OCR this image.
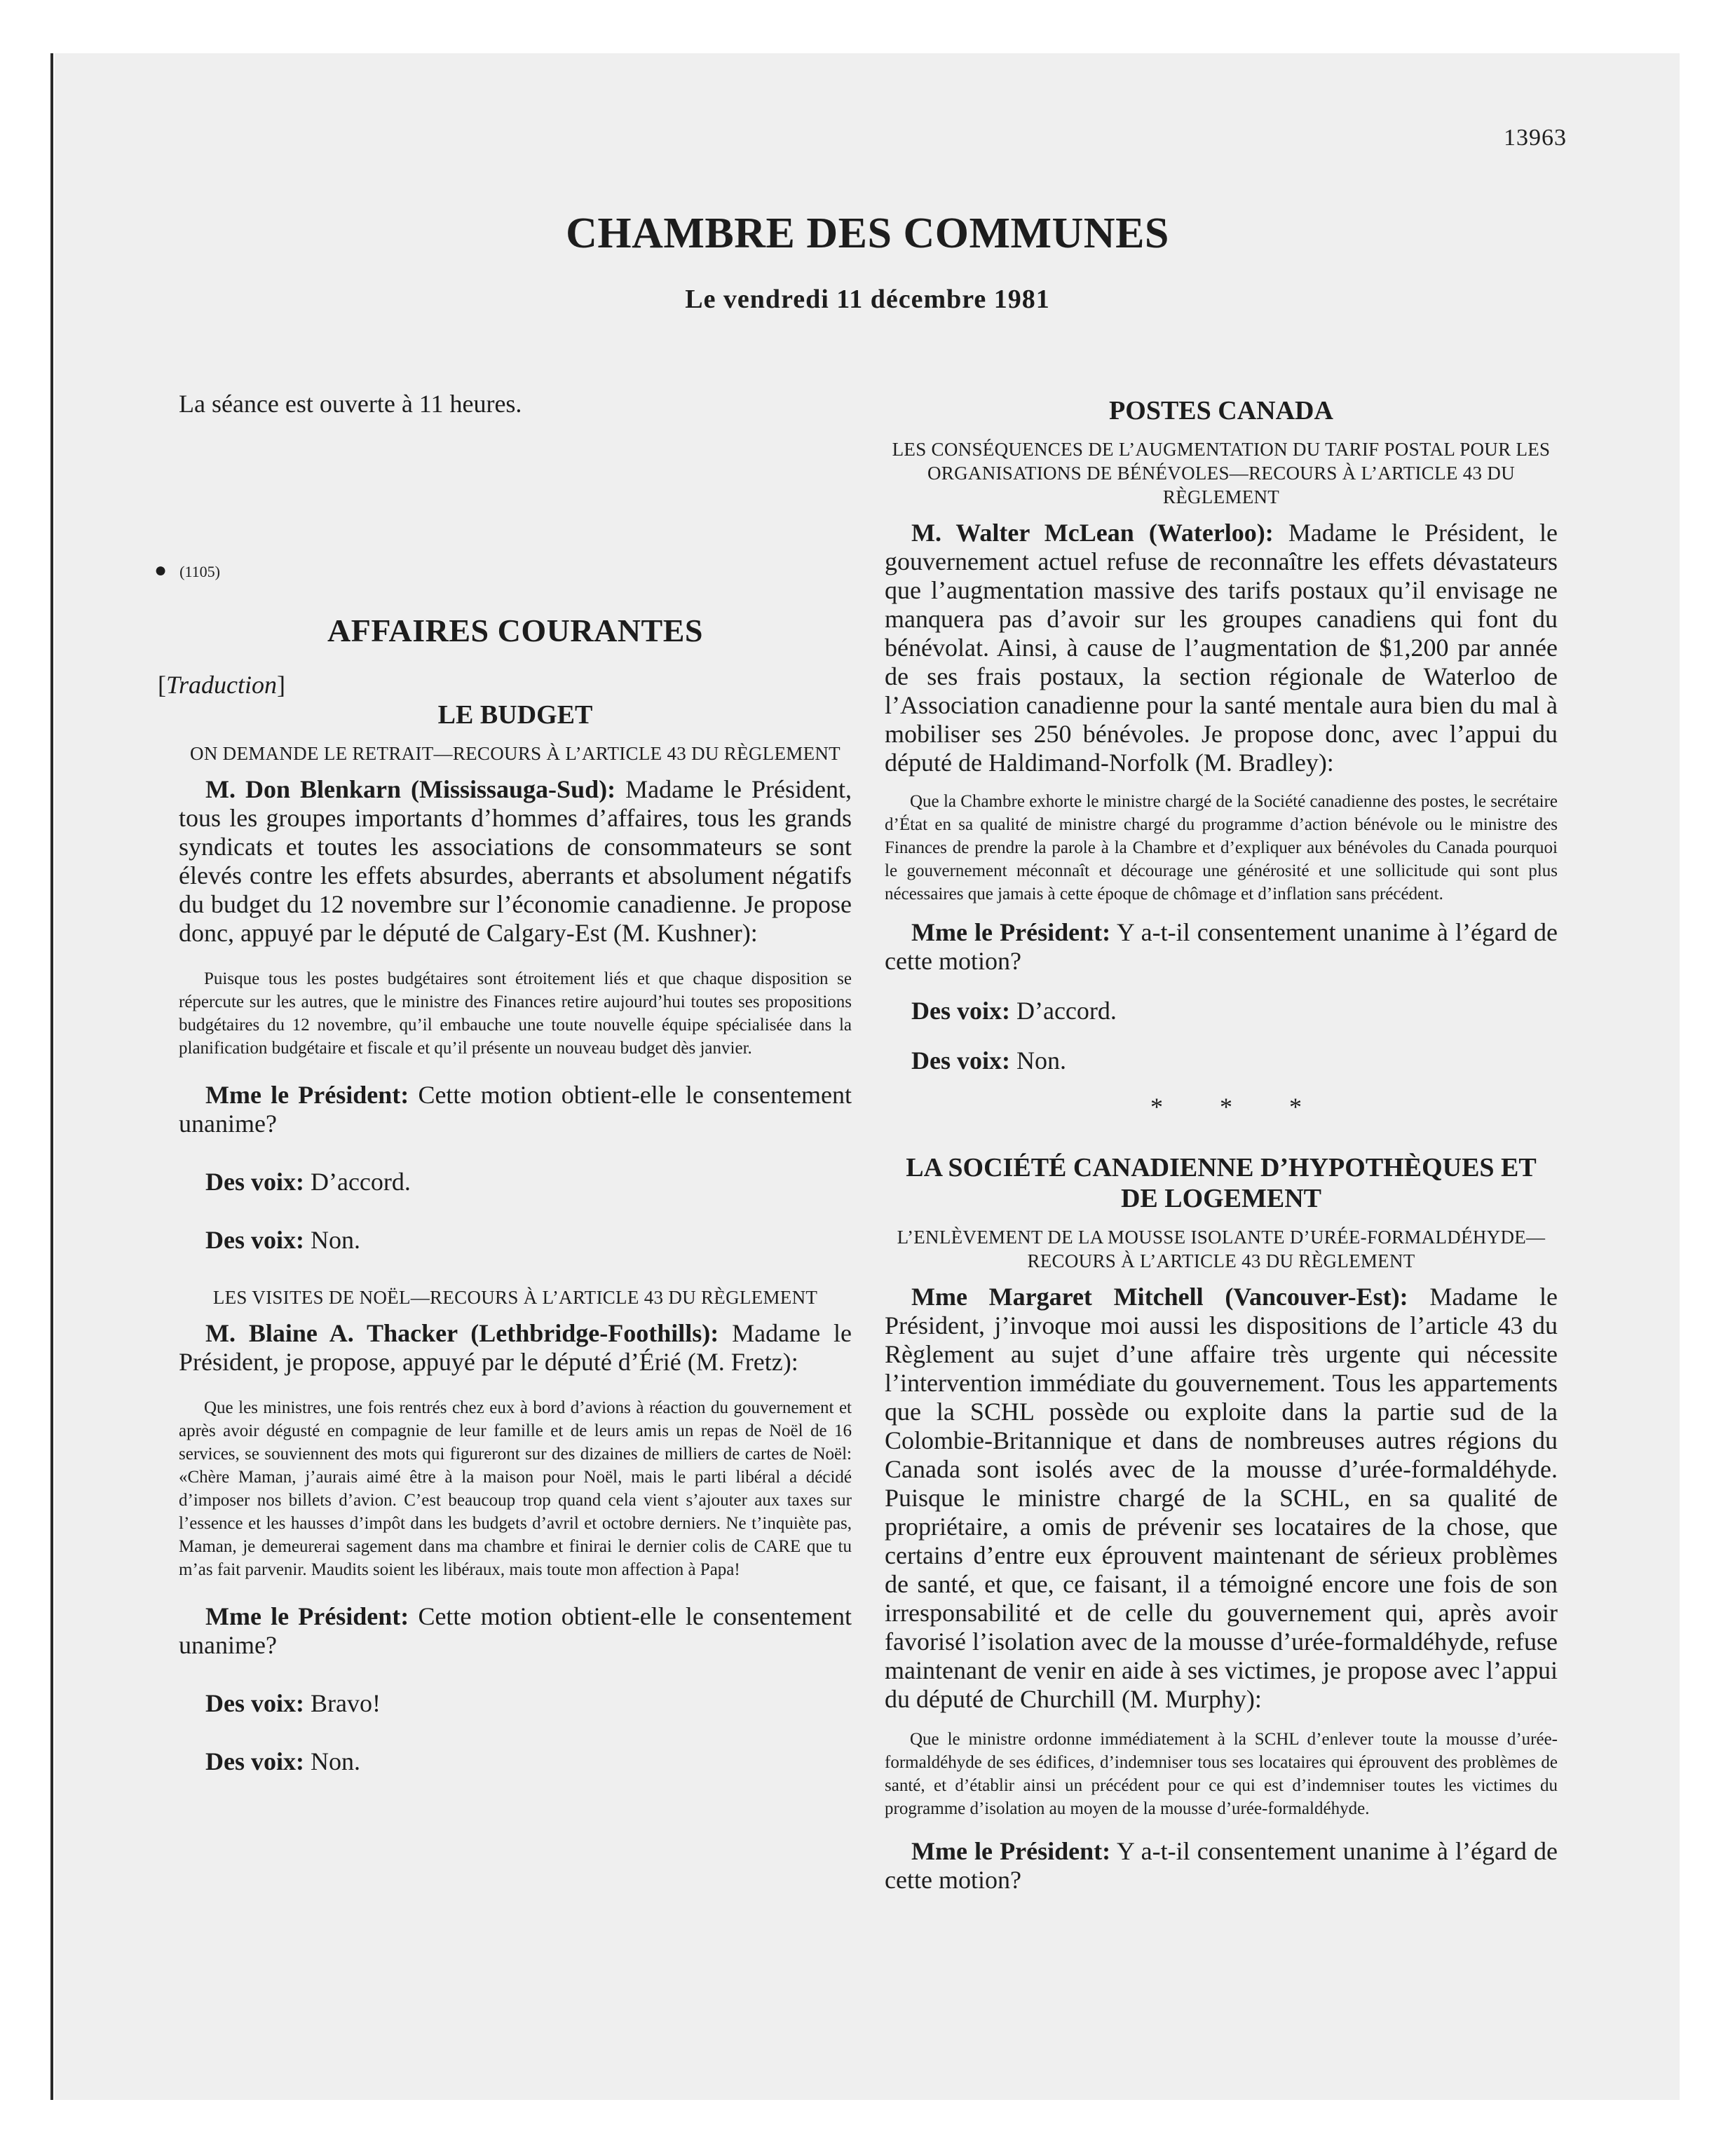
13963
CHAMBRE DES COMMUNES
Le vendredi 11 décembre 1981

La séance est ouverte à 11 heures.

● (1105)
AFFAIRES COURANTES
[Traduction]
LE BUDGET
ON DEMANDE LE RETRAIT—RECOURS À L’ARTICLE 43 DU RÈGLEMENT

M. Don Blenkarn (Mississauga-Sud): Madame le Président, tous les groupes importants d’hommes d’affaires, tous les grands syndicats et toutes les associations de consommateurs se sont élevés contre les effets absurdes, aberrants et absolument négatifs du budget du 12 novembre sur l’économie canadienne. Je propose donc, appuyé par le député de Calgary-Est (M. Kushner):

Puisque tous les postes budgétaires sont étroitement liés et que chaque disposition se répercute sur les autres, que le ministre des Finances retire aujourd’hui toutes ses propositions budgétaires du 12 novembre, qu’il embauche une toute nouvelle équipe spécialisée dans la planification budgétaire et fiscale et qu’il présente un nouveau budget dès janvier.

Mme le Président: Cette motion obtient-elle le consentement unanime?

Des voix: D’accord.

Des voix: Non.

LES VISITES DE NOËL—RECOURS À L’ARTICLE 43 DU RÈGLEMENT

M. Blaine A. Thacker (Lethbridge-Foothills): Madame le Président, je propose, appuyé par le député d’Érié (M. Fretz):

Que les ministres, une fois rentrés chez eux à bord d’avions à réaction du gouvernement et après avoir dégusté en compagnie de leur famille et de leurs amis un repas de Noël de 16 services, se souviennent des mots qui figureront sur des dizaines de milliers de cartes de Noël: «Chère Maman, j’aurais aimé être à la maison pour Noël, mais le parti libéral a décidé d’imposer nos billets d’avion. C’est beaucoup trop quand cela vient s’ajouter aux taxes sur l’essence et les hausses d’impôt dans les budgets d’avril et octobre derniers. Ne t’inquiète pas, Maman, je demeurerai sagement dans ma chambre et finirai le dernier colis de CARE que tu m’as fait parvenir. Maudits soient les libéraux, mais toute mon affection à Papa!

Mme le Président: Cette motion obtient-elle le consentement unanime?

Des voix: Bravo!

Des voix: Non.

POSTES CANADA
LES CONSÉQUENCES DE L’AUGMENTATION DU TARIF POSTAL POUR LES ORGANISATIONS DE BÉNÉVOLES—RECOURS À L’ARTICLE 43 DU RÈGLEMENT

M. Walter McLean (Waterloo): Madame le Président, le gouvernement actuel refuse de reconnaître les effets dévastateurs que l’augmentation massive des tarifs postaux qu’il envisage ne manquera pas d’avoir sur les groupes canadiens qui font du bénévolat. Ainsi, à cause de l’augmentation de $1,200 par année de ses frais postaux, la section régionale de Waterloo de l’Association canadienne pour la santé mentale aura bien du mal à mobiliser ses 250 bénévoles. Je propose donc, avec l’appui du député de Haldimand-Norfolk (M. Bradley):

Que la Chambre exhorte le ministre chargé de la Société canadienne des postes, le secrétaire d’État en sa qualité de ministre chargé du programme d’action bénévole ou le ministre des Finances de prendre la parole à la Chambre et d’expliquer aux bénévoles du Canada pourquoi le gouvernement méconnaît et décourage une générosité et une sollicitude qui sont plus nécessaires que jamais à cette époque de chômage et d’inflation sans précédent.

Mme le Président: Y a-t-il consentement unanime à l’égard de cette motion?

Des voix: D’accord.

Des voix: Non.

* * *
LA SOCIÉTÉ CANADIENNE D’HYPOTHÈQUES ET DE LOGEMENT
L’ENLÈVEMENT DE LA MOUSSE ISOLANTE D’URÉE-FORMALDÉHYDE—RECOURS À L’ARTICLE 43 DU RÈGLEMENT

Mme Margaret Mitchell (Vancouver-Est): Madame le Président, j’invoque moi aussi les dispositions de l’article 43 du Règlement au sujet d’une affaire très urgente qui nécessite l’intervention immédiate du gouvernement. Tous les appartements que la SCHL possède ou exploite dans la partie sud de la Colombie-Britannique et dans de nombreuses autres régions du Canada sont isolés avec de la mousse d’urée-formaldéhyde. Puisque le ministre chargé de la SCHL, en sa qualité de propriétaire, a omis de prévenir ses locataires de la chose, que certains d’entre eux éprouvent maintenant de sérieux problèmes de santé, et que, ce faisant, il a témoigné encore une fois de son irresponsabilité et de celle du gouvernement qui, après avoir favorisé l’isolation avec de la mousse d’urée-formaldéhyde, refuse maintenant de venir en aide à ses victimes, je propose avec l’appui du député de Churchill (M. Murphy):

Que le ministre ordonne immédiatement à la SCHL d’enlever toute la mousse d’urée-formaldéhyde de ses édifices, d’indemniser tous ses locataires qui éprouvent des problèmes de santé, et d’établir ainsi un précédent pour ce qui est d’indemniser toutes les victimes du programme d’isolation au moyen de la mousse d’urée-formaldéhyde.

Mme le Président: Y a-t-il consentement unanime à l’égard de cette motion?
